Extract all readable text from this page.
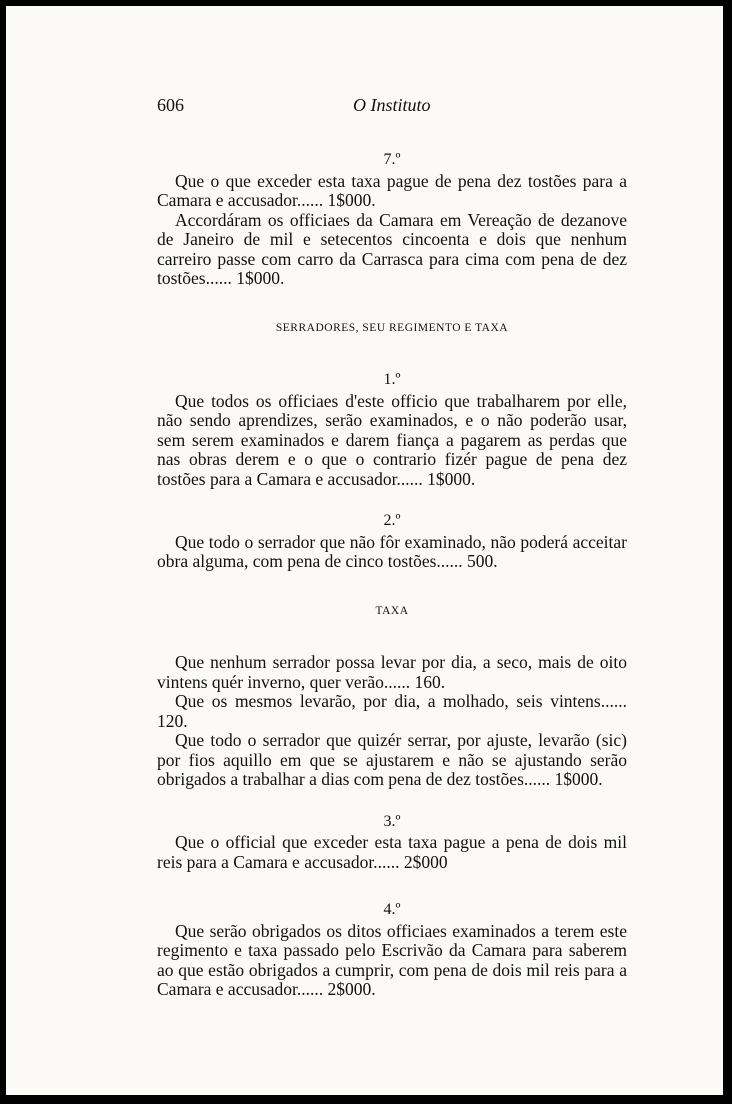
606	O Instituto
7.º

Que o que exceder esta taxa pague de pena dez tostões para a Camara e accusador...... 1$000.

Accordáram os officiaes da Camara em Vereação de dezanove de Janeiro de mil e setecentos cincoenta e dois que nenhum carreiro passe com carro da Carrasca para cima com pena de dez tostões...... 1$000.

SERRADORES, SEU REGIMENTO E TAXA
1.º

Que todos os officiaes d'este officio que trabalharem por elle, não sendo aprendizes, serão examinados, e o não poderão usar, sem serem examinados e darem fiança a pagarem as perdas que nas obras derem e o que o contrario fizér pague de pena dez tostões para a Camara e accusador...... 1$000.

2.º

Que todo o serrador que não fôr examinado, não poderá acceitar obra alguma, com pena de cinco tostões...... 500.

TAXA

Que nenhum serrador possa levar por dia, a seco, mais de oito vintens quér inverno, quer verão...... 160.

Que os mesmos levarão, por dia, a molhado, seis vintens...... 120.

Que todo o serrador que quizér serrar, por ajuste, levarão (sic) por fios aquillo em que se ajustarem e não se ajustando serão obrigados a trabalhar a dias com pena de dez tostões...... 1$000.

3.º

Que o official que exceder esta taxa pague a pena de dois mil reis para a Camara e accusador...... 2$000

4.º

Que serão obrigados os ditos officiaes examinados a terem este regimento e taxa passado pelo Escrivão da Camara para saberem ao que estão obrigados a cumprir, com pena de dois mil reis para a Camara e accusador...... 2$000.
